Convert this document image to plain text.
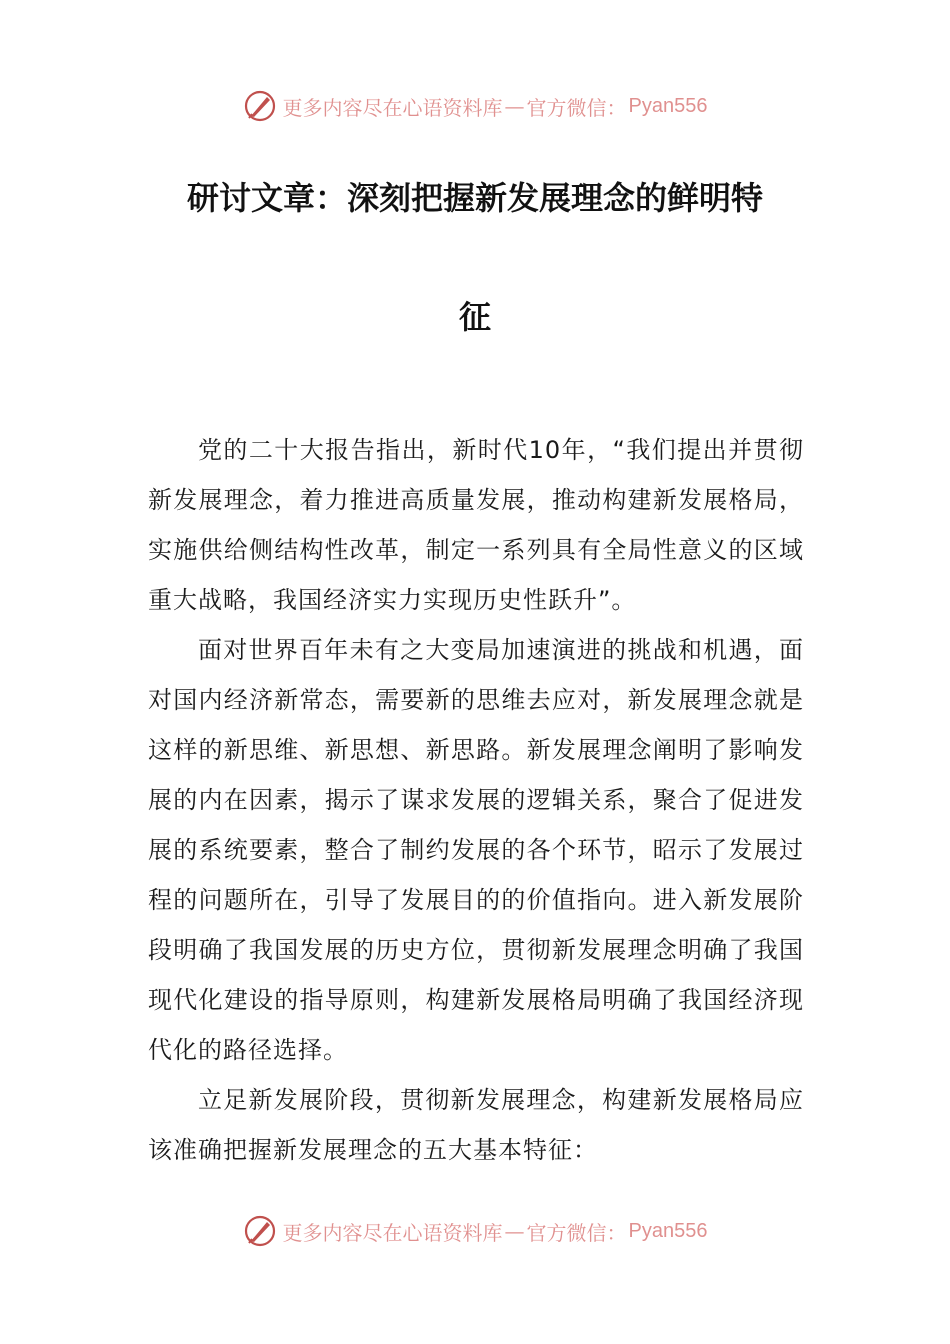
更多内容尽在心语资料库 — 官方微信： Pyan556
研讨文章：深刻把握新发展理念的鲜明特
征

党的二十大报告指出，新时代10年，“我们提出并贯彻新发展理念，着力推进高质量发展，推动构建新发展格局，实施供给侧结构性改革，制定一系列具有全局性意义的区域重大战略，我国经济实力实现历史性跃升”。

面对世界百年未有之大变局加速演进的挑战和机遇，面对国内经济新常态，需要新的思维去应对，新发展理念就是这样的新思维、新思想、新思路。新发展理念阐明了影响发展的内在因素，揭示了谋求发展的逻辑关系，聚合了促进发展的系统要素，整合了制约发展的各个环节，昭示了发展过程的问题所在，引导了发展目的的价值指向。进入新发展阶段明确了我国发展的历史方位，贯彻新发展理念明确了我国现代化建设的指导原则，构建新发展格局明确了我国经济现代化的路径选择。

立足新发展阶段，贯彻新发展理念，构建新发展格局应该准确把握新发展理念的五大基本特征：

更多内容尽在心语资料库 — 官方微信： Pyan556
